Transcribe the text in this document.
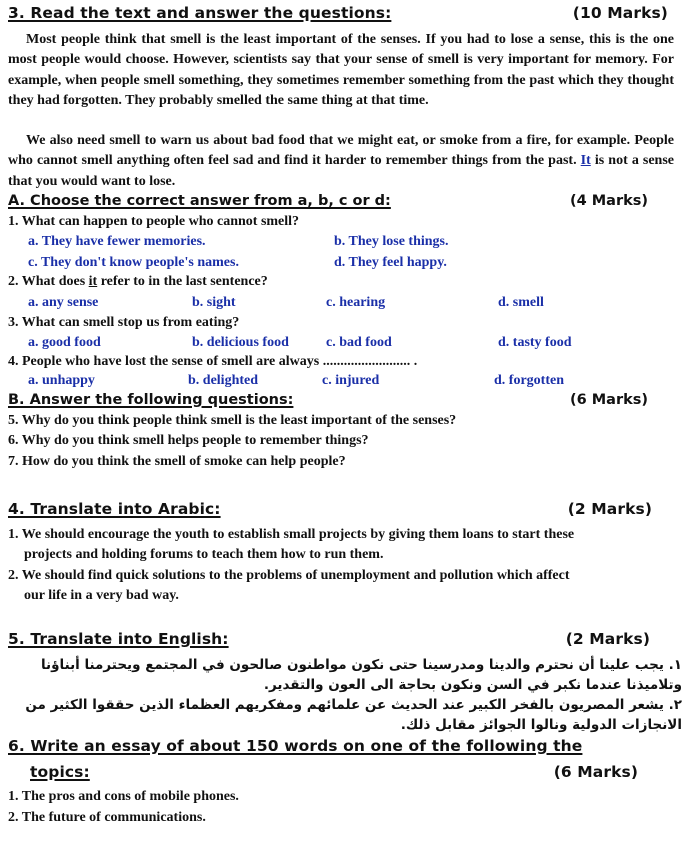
3. Read the text and answer the questions:	(10 Marks)

Most people think that smell is the least important of the senses. If you had to lose a sense, this is the one most people would choose. However, scientists say that your sense of smell is very important for memory. For example, when people smell something, they sometimes remember something from the past which they thought they had forgotten. They probably smelled the same thing at that time.

We also need smell to warn us about bad food that we might eat, or smoke from a fire, for example. People who cannot smell anything often feel sad and find it harder to remember things from the past. It is not a sense that you would want to lose.

A. Choose the correct answer from a, b, c or d:	(4 Marks)
1. What can happen to people who cannot smell?
a. They have fewer memories.	b. They lose things.
c. They don't know people's names.	d. They feel happy.
2. What does it refer to in the last sentence?
a. any sense	b. sight	c. hearing	d. smell
3. What can smell stop us from eating?
a. good food	b. delicious food	c. bad food	d. tasty food
4. People who have lost the sense of smell are always ......................... .
a. unhappy	b. delighted	c. injured	d. forgotten
B. Answer the following questions:	(6 Marks)
5. Why do you think people think smell is the least important of the senses?
6. Why do you think smell helps people to remember things?
7. How do you think the smell of smoke can help people?
4. Translate into Arabic:	(2 Marks)
1. We should encourage the youth to establish small projects by giving them loans to start these
projects and holding forums to teach them how to run them.
2. We should find quick solutions to the problems of unemployment and pollution which affect
our life in a very bad way.
5. Translate into English:	(2 Marks)
١. يجب علينا أن نحترم والدينا ومدرسينا حتى نكون مواطنون صالحون في المجتمع ويحترمنا أبناؤنا وتلاميذنا عندما نكبر في السن ونكون بحاجة الى العون والتقدير.
٢. يشعر المصريون بالفخر الكبير عند الحديث عن علمائهم ومفكريهم العظماء الذين حققوا الكثير من الانجازات الدولية ونالوا الجوائز مقابل ذلك.
6. Write an essay of about 150 words on one of the following the
topics:	(6 Marks)
1. The pros and cons of mobile phones.
2. The future of communications.
